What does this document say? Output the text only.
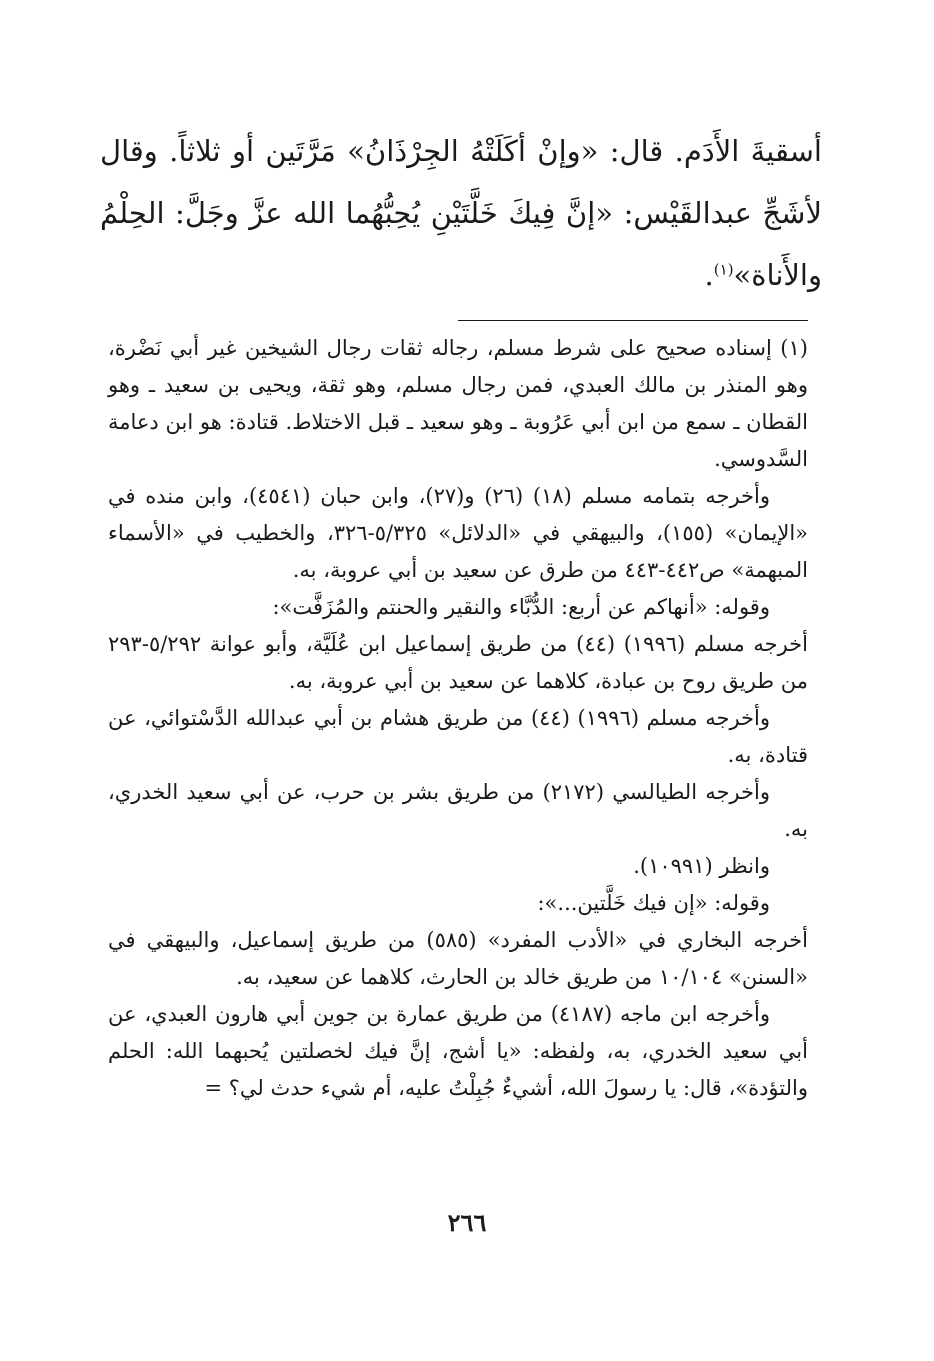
أسقيةَ الأَدَم. قال: «وإنْ أكَلَتْهُ الجِرْذَانُ» مَرَّتَين أو ثلاثاً. وقال لأشَجِّ عبدالقَيْس: «إنَّ فِيكَ خَلَّتَيْنِ يُحِبُّهُما الله عزَّ وجَلَّ: الحِلْمُ والأَناة»$^{(١)}$.

(١) إسناده صحيح على شرط مسلم، رجاله ثقات رجال الشيخين غير أبي نَضْرة، وهو المنذر بن مالك العبدي، فمن رجال مسلم، وهو ثقة، ويحيى بن سعيد ـ وهو القطان ـ سمع من ابن أبي عَرُوبة ـ وهو سعيد ـ قبل الاختلاط. قتادة: هو ابن دعامة السَّدوسي.

وأخرجه بتمامه مسلم (١٨) (٢٦) و(٢٧)، وابن حبان (٤٥٤١)، وابن منده في «الإيمان» (١٥٥)، والبيهقي في «الدلائل» ٥/٣٢٥-٣٢٦، والخطيب في «الأسماء المبهمة» ص٤٤٢-٤٤٣ من طرق عن سعيد بن أبي عروبة، به.

وقوله: «أنهاكم عن أربع: الدُّبَّاء والنقير والحنتم والمُزَفَّت»:

أخرجه مسلم (١٩٩٦) (٤٤) من طريق إسماعيل ابن عُلَيَّة، وأبو عوانة ٥/٢٩٢-٢٩٣ من طريق روح بن عبادة، كلاهما عن سعيد بن أبي عروبة، به.

وأخرجه مسلم (١٩٩٦) (٤٤) من طريق هشام بن أبي عبدالله الدَّسْتوائي، عن قتادة، به.

وأخرجه الطيالسي (٢١٧٢) من طريق بشر بن حرب، عن أبي سعيد الخدري، به.

وانظر (١٠٩٩١).

وقوله: «إن فيك خَلَّتين...»:

أخرجه البخاري في «الأدب المفرد» (٥٨٥) من طريق إسماعيل، والبيهقي في «السنن» ١٠/١٠٤ من طريق خالد بن الحارث، كلاهما عن سعيد، به.

وأخرجه ابن ماجه (٤١٨٧) من طريق عمارة بن جوين أبي هارون العبدي، عن أبي سعيد الخدري، به، ولفظه: «يا أشج، إنَّ فيك لخصلتين يُحبهما الله: الحلم والتؤدة»، قال: يا رسولَ الله، أشيءٌ جُبِلْتُ عليه، أم شيء حدث لي؟ =

٢٦٦
